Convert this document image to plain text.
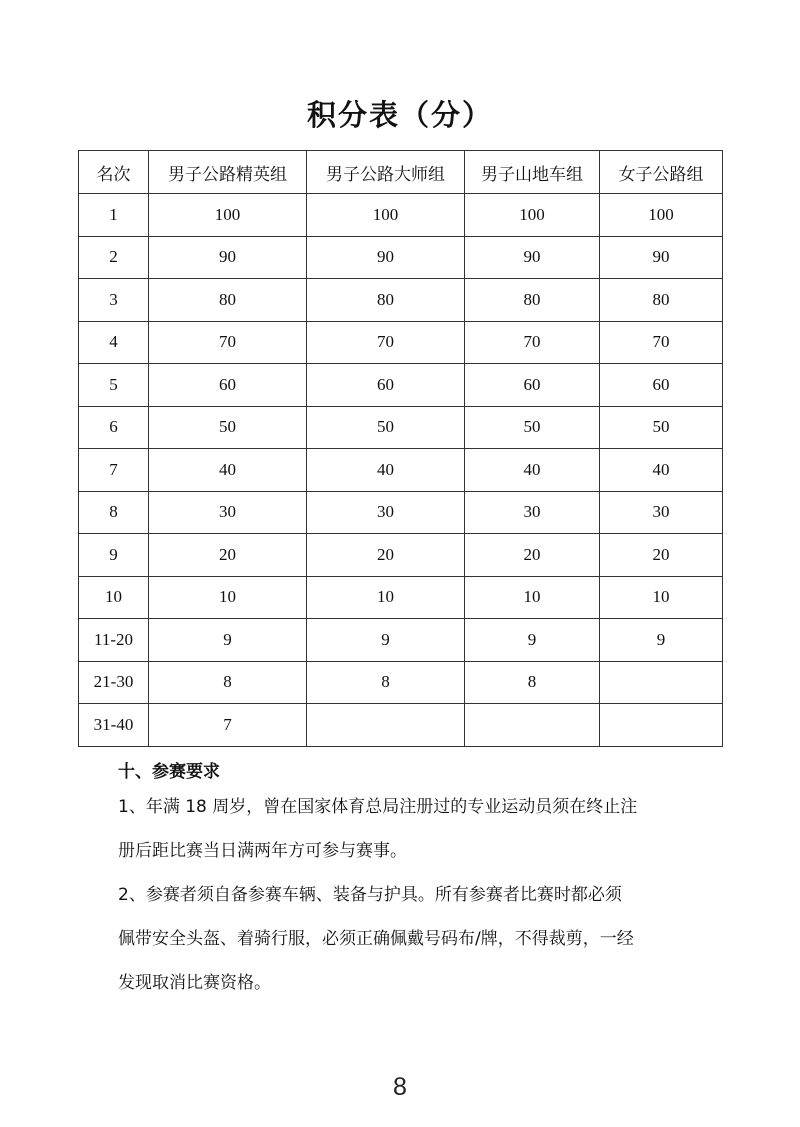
积分表（分）
名次	男子公路精英组	男子公路大师组	男子山地车组	女子公路组
1	100	100	100	100
2	90	90	90	90
3	80	80	80	80
4	70	70	70	70
5	60	60	60	60
6	50	50	50	50
7	40	40	40	40
8	30	30	30	30
9	20	20	20	20
10	10	10	10	10
11-20	9	9	9	9
21-30	8	8	8	
31-40	7			
十、参赛要求
1、年满 18 周岁，曾在国家体育总局注册过的专业运动员须在终止注
册后距比赛当日满两年方可参与赛事。
2、参赛者须自备参赛车辆、装备与护具。所有参赛者比赛时都必须
佩带安全头盔、着骑行服，必须正确佩戴号码布/牌，不得裁剪，一经
发现取消比赛资格。
8
